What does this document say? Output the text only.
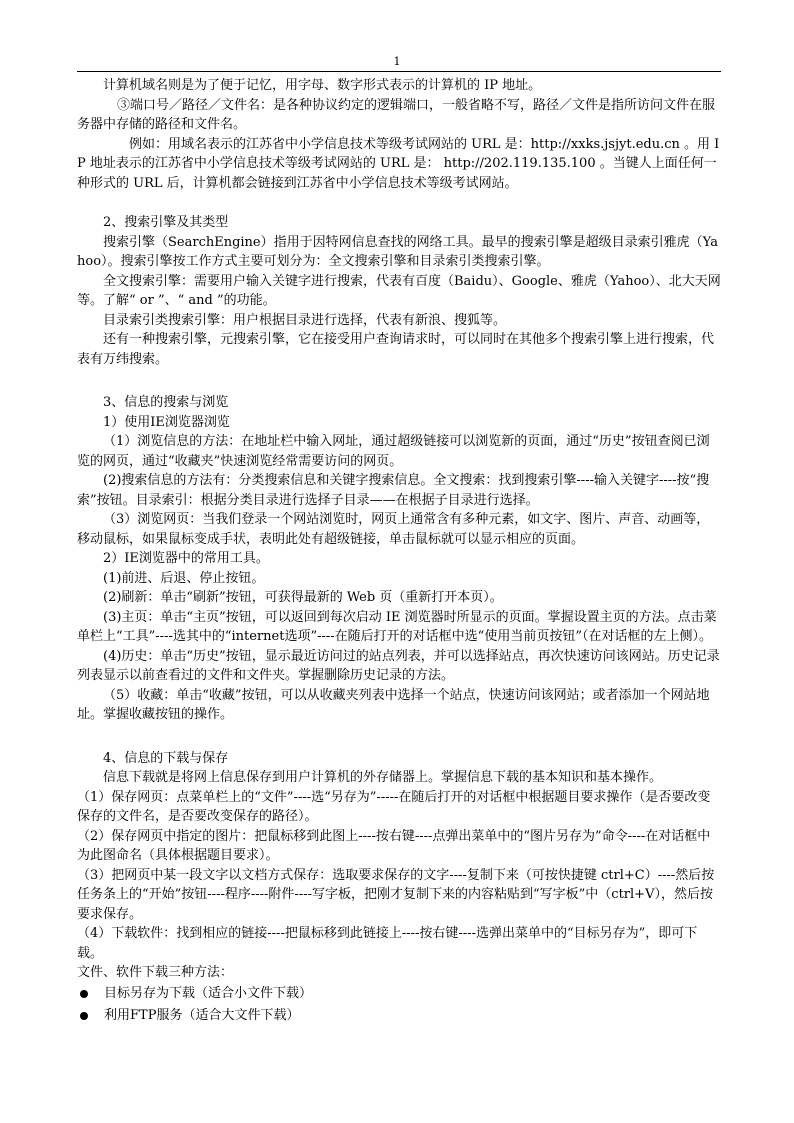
1

计算机域名则是为了便于记忆，用字母、数字形式表示的计算机的 IP 地址。

③端口号／路径／文件名：是各种协议约定的逻辑端口，一般省略不写，路径／文件是指所访问文件在服务器中存储的路径和文件名。

例如：用域名表示的江苏省中小学信息技术等级考试网站的 URL 是：http://xxks.jsjyt.edu.cn 。用 IP 地址表示的江苏省中小学信息技术等级考试网站的 URL 是： http://202.119.135.100 。当键人上面任何一种形式的 URL 后，计算机都会链接到江苏省中小学信息技术等级考试网站。

2、搜索引擎及其类型

搜索引擎（SearchEngine）指用于因特网信息查找的网络工具。最早的搜索引擎是超级目录索引雅虎（Yahoo）。搜索引擎按工作方式主要可划分为：全文搜索引擎和目录索引类搜索引擎。

全文搜索引擎：需要用户输入关键字进行搜索，代表有百度（Baidu）、Google、雅虎（Yahoo）、北大天网等。了解“ or ”、“ and ”的功能。

目录索引类搜索引擎：用户根据目录进行选择，代表有新浪、搜狐等。

还有一种搜索引擎，元搜索引擎，它在接受用户查询请求时，可以同时在其他多个搜索引擎上进行搜索，代表有万纬搜索。

3、信息的搜索与浏览

1）使用IE浏览器浏览

（1）浏览信息的方法：在地址栏中输入网址，通过超级链接可以浏览新的页面，通过“历史”按钮查阅已浏览的网页，通过“收藏夹”快速浏览经常需要访问的网页。

(2)搜索信息的方法有：分类搜索信息和关键字搜索信息。全文搜索：找到搜索引擎----输入关键字----按“搜索”按钮。目录索引：根据分类目录进行选择子目录——在根据子目录进行选择。

（3）浏览网页：当我们登录一个网站浏览时，网页上通常含有多种元素，如文字、图片、声音、动画等，移动鼠标，如果鼠标变成手状，表明此处有超级链接，单击鼠标就可以显示相应的页面。

2）IE浏览器中的常用工具。

(1)前进、后退、停止按钮。

(2)刷新：单击“刷新”按钮，可获得最新的 Web 页（重新打开本页）。

(3)主页：单击“主页”按钮，可以返回到每次启动 IE 浏览器时所显示的页面。掌握设置主页的方法。点击菜单栏上“工具”----选其中的“internet选项”----在随后打开的对话框中选“使用当前页按钮”（在对话框的左上侧）。

(4)历史：单击“历史”按钮，显示最近访问过的站点列表，并可以选择站点，再次快速访问该网站。历史记录列表显示以前查看过的文件和文件夹。掌握删除历史记录的方法。

（5）收藏：单击“收藏”按钮，可以从收藏夹列表中选择一个站点，快速访问该网站；或者添加一个网站地址。掌握收藏按钮的操作。

4、信息的下载与保存

信息下载就是将网上信息保存到用户计算机的外存储器上。掌握信息下载的基本知识和基本操作。

（1）保存网页：点菜单栏上的“文件”----选“另存为”-----在随后打开的对话框中根据题目要求操作（是否要改变保存的文件名，是否要改变保存的路径）。

（2）保存网页中指定的图片：把鼠标移到此图上----按右键----点弹出菜单中的“图片另存为”命令----在对话框中为此图命名（具体根据题目要求）。

（3）把网页中某一段文字以文档方式保存：选取要求保存的文字----复制下来（可按快捷键 ctrl+C）----然后按任务条上的“开始”按钮----程序----附件----写字板，把刚才复制下来的内容粘贴到“写字板”中（ctrl+V），然后按要求保存。

（4）下载软件：找到相应的链接----把鼠标移到此链接上----按右键----选弹出菜单中的“目标另存为”，即可下载。

文件、软件下载三种方法：

目标另存为下载（适合小文件下载）
利用FTP服务（适合大文件下载）
